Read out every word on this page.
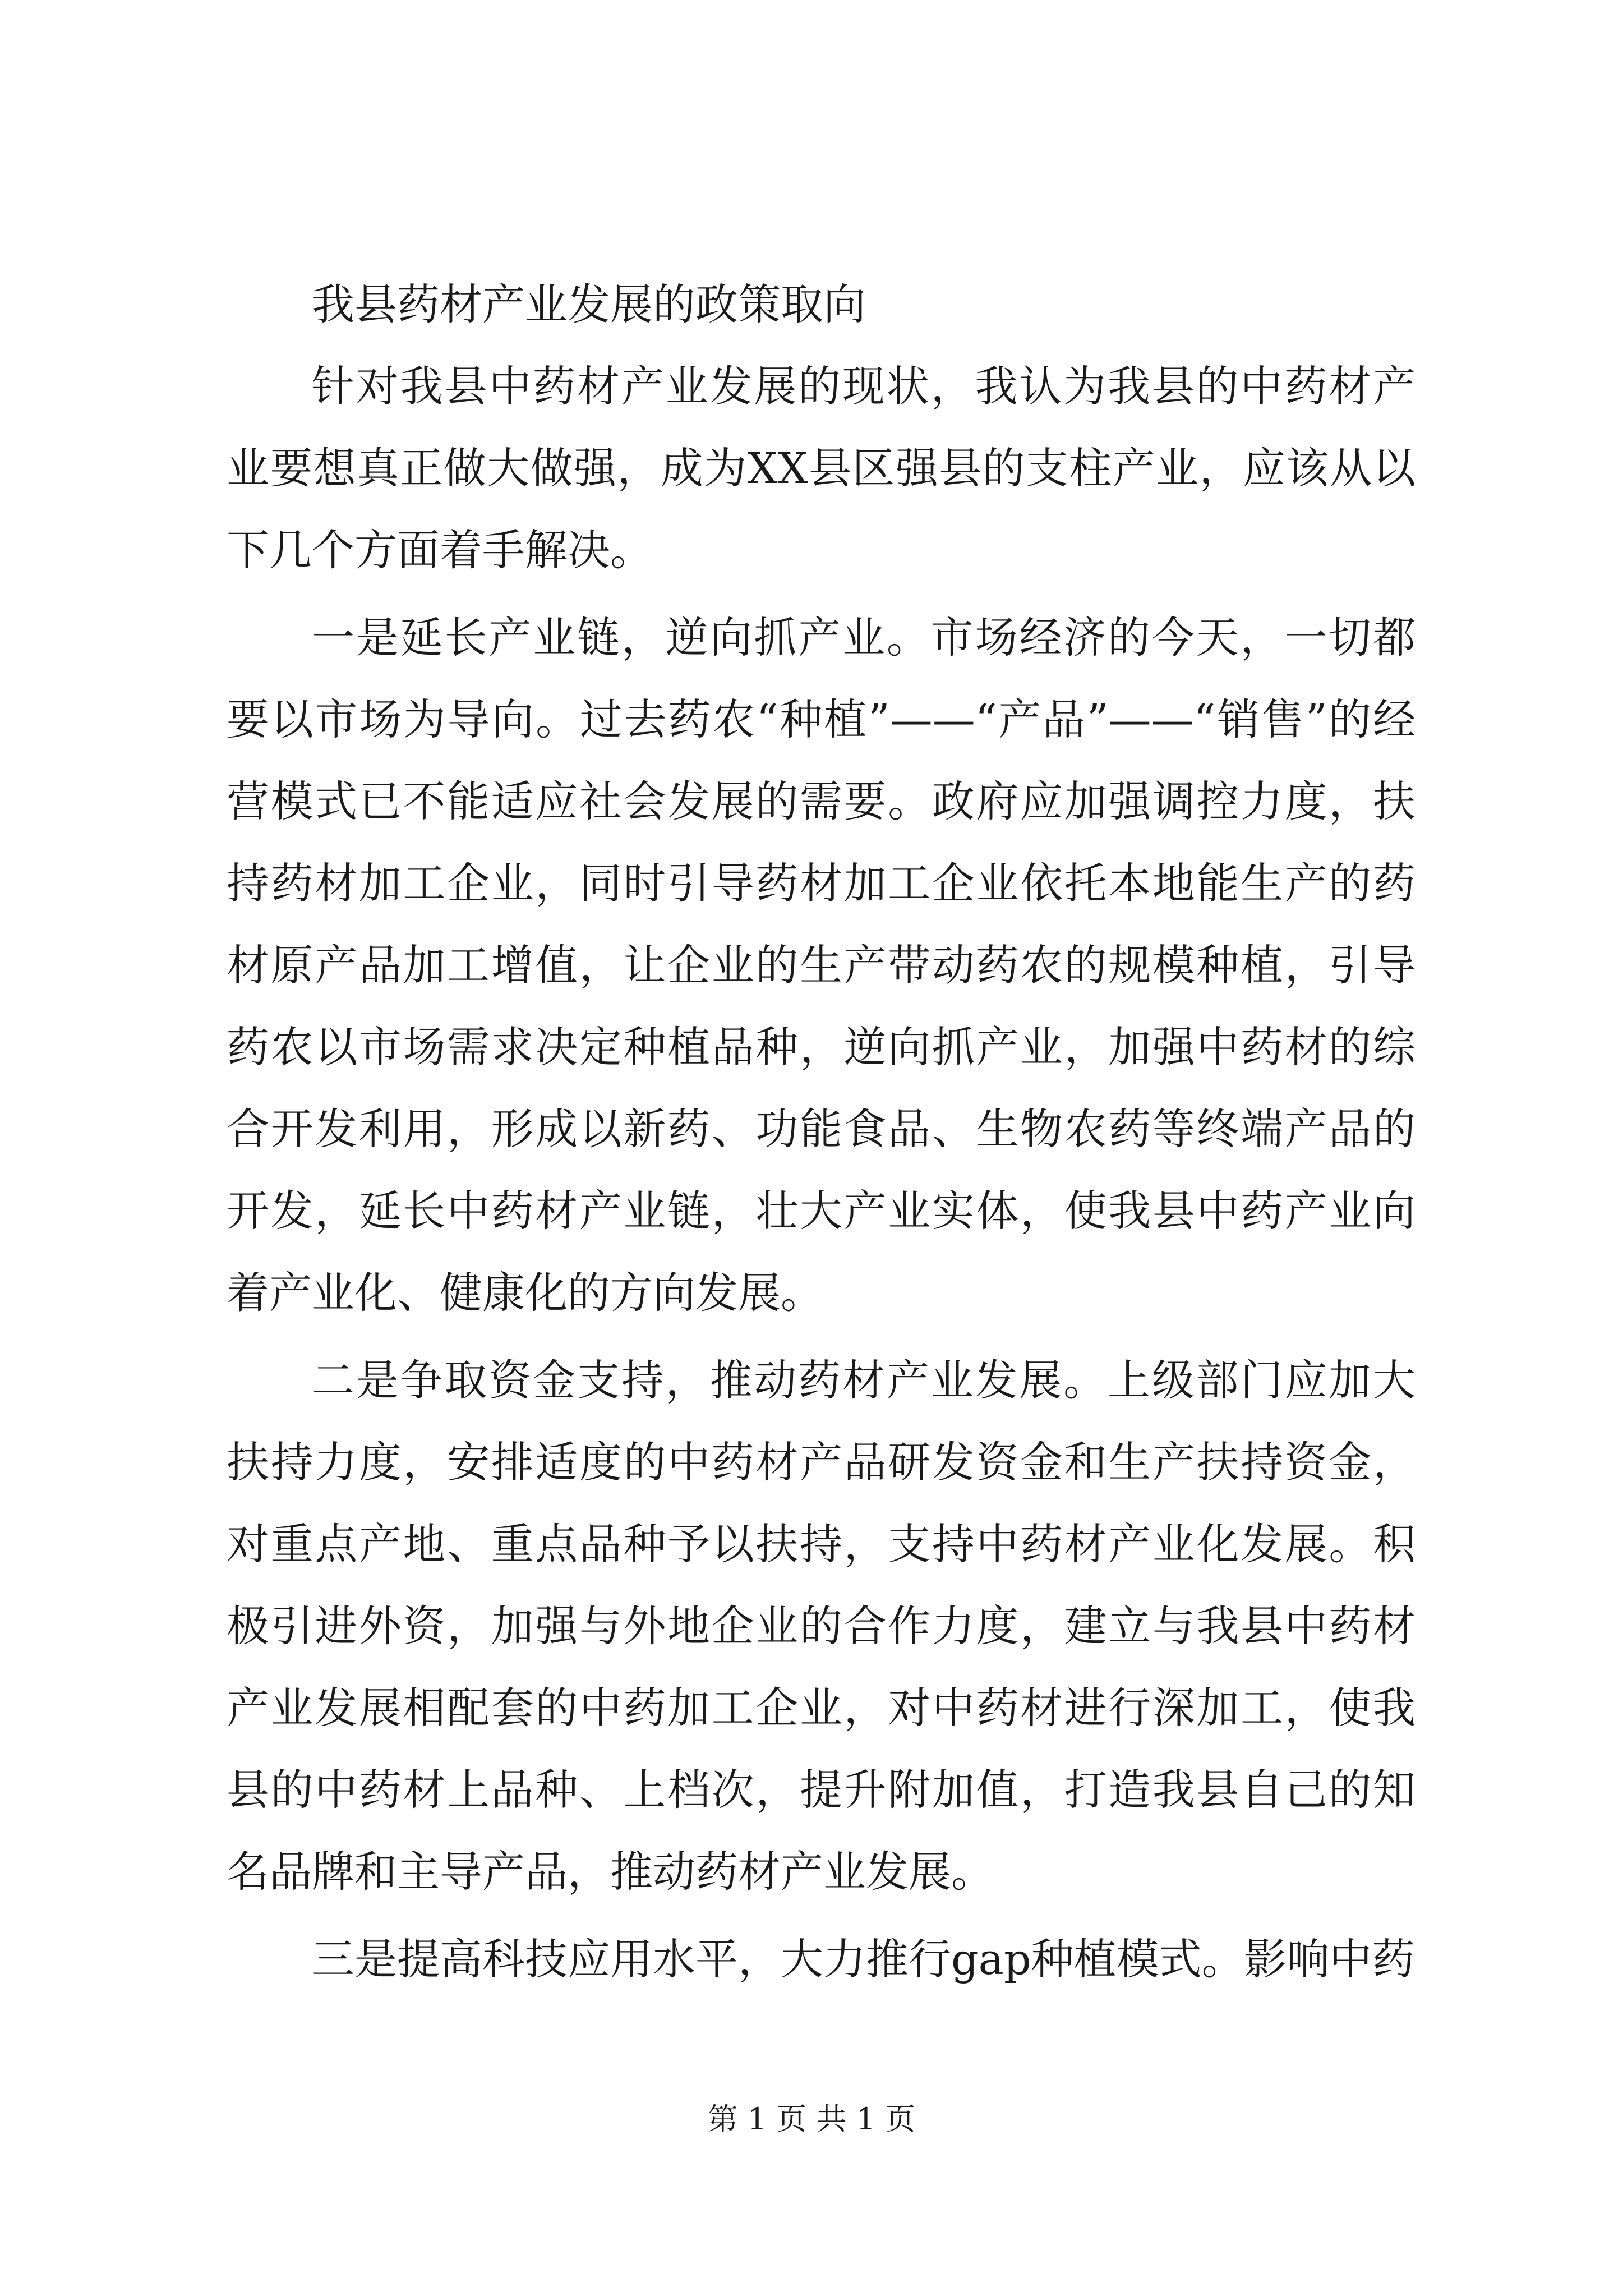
我县药材产业发展的政策取向

针对我县中药材产业发展的现状，我认为我县的中药材产业要想真正做大做强，成为XX县区强县的支柱产业，应该从以下几个方面着手解决。

一是延长产业链，逆向抓产业。市场经济的今天，一切都要以市场为导向。过去药农“种植”——“产品”——“销售”的经营模式已不能适应社会发展的需要。政府应加强调控力度，扶持药材加工企业，同时引导药材加工企业依托本地能生产的药材原产品加工增值，让企业的生产带动药农的规模种植，引导药农以市场需求决定种植品种，逆向抓产业，加强中药材的综合开发利用，形成以新药、功能食品、生物农药等终端产品的开发，延长中药材产业链，壮大产业实体，使我县中药产业向着产业化、健康化的方向发展。

二是争取资金支持，推动药材产业发展。上级部门应加大扶持力度，安排适度的中药材产品研发资金和生产扶持资金，对重点产地、重点品种予以扶持，支持中药材产业化发展。积极引进外资，加强与外地企业的合作力度，建立与我县中药材产业发展相配套的中药加工企业，对中药材进行深加工，使我县的中药材上品种、上档次，提升附加值，打造我县自己的知名品牌和主导产品，推动药材产业发展。

三是提高科技应用水平，大力推行gap种植模式。影响中药

第 1 页 共 1 页
